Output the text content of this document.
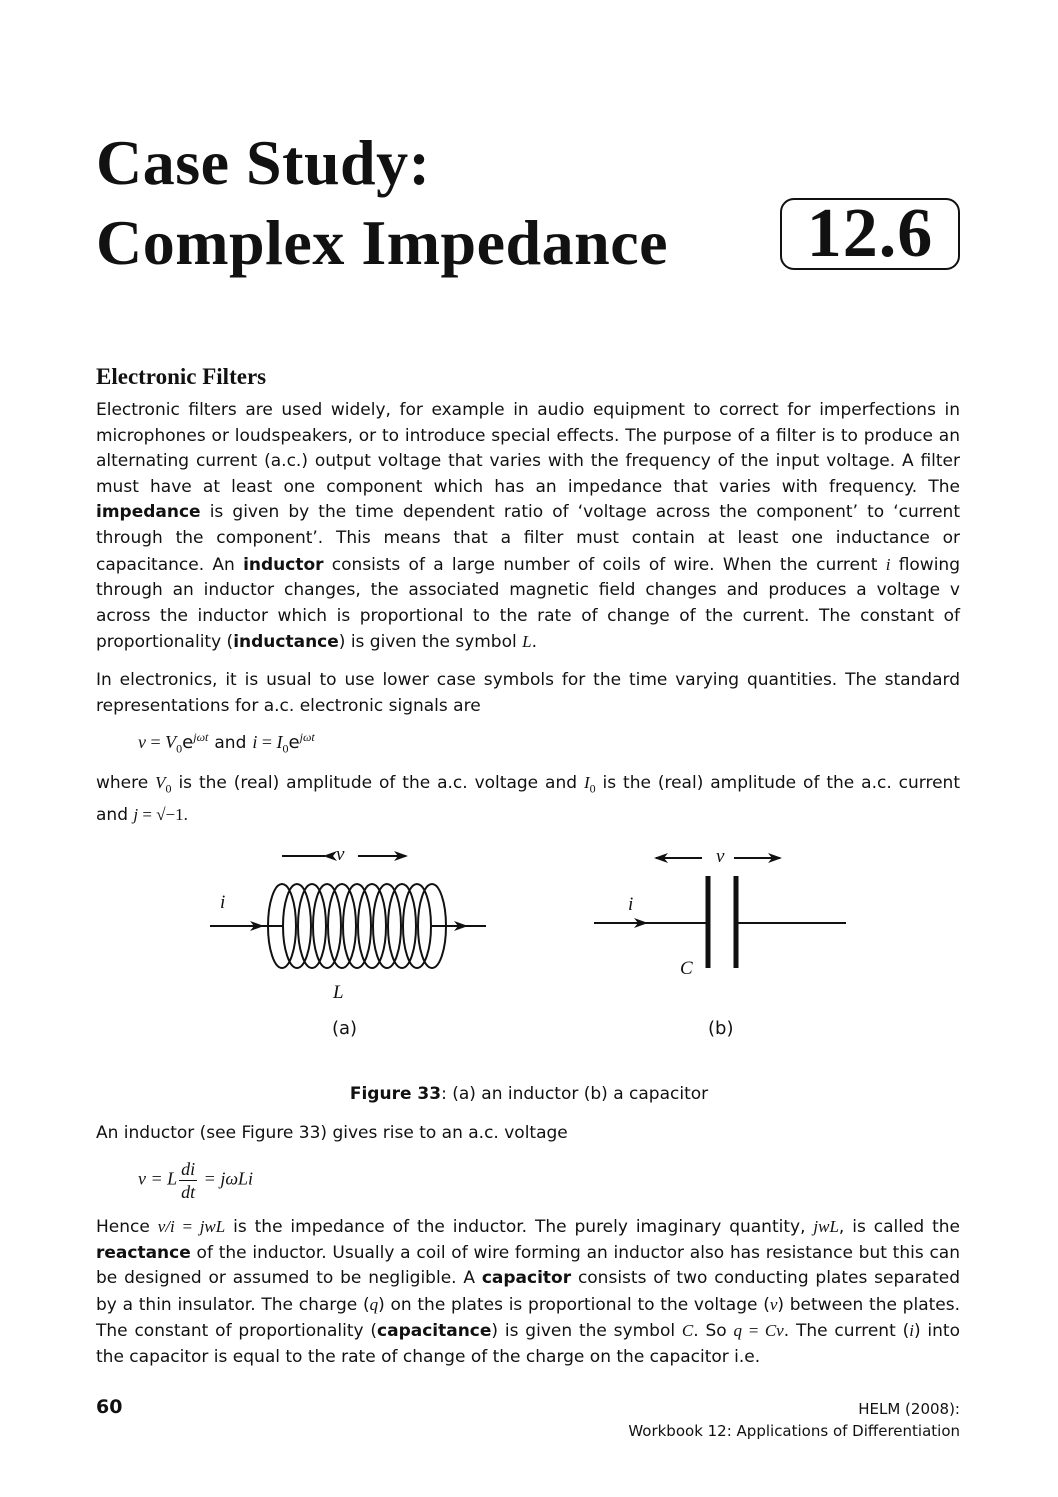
Case Study:
Complex Impedance	12.6
Electronic Filters

Electronic filters are used widely, for example in audio equipment to correct for imperfections in microphones or loudspeakers, or to introduce special effects. The purpose of a filter is to produce an alternating current (a.c.) output voltage that varies with the frequency of the input voltage. A filter must have at least one component which has an impedance that varies with frequency. The impedance is given by the time dependent ratio of ‘voltage across the component’ to ‘current through the component’. This means that a filter must contain at least one inductance or capacitance. An inductor consists of a large number of coils of wire. When the current i flowing through an inductor changes, the associated magnetic field changes and produces a voltage v across the inductor which is proportional to the rate of change of the current. The constant of proportionality (inductance) is given the symbol L.

In electronics, it is usual to use lower case symbols for the time varying quantities. The standard representations for a.c. electronic signals are

$v = V_0e^{j\omega t}$ and $i = I_0e^{j\omega t}$

where $V_0$ is the (real) amplitude of the a.c. voltage and $I_0$ is the (real) amplitude of the a.c. current and j = √−1.

v
i
L
(a)
v
i
C
(b)
Figure 33: (a) an inductor (b) a capacitor

An inductor (see Figure 33) gives rise to an a.c. voltage

v = L $\frac{di}{dt} = j\omega Li$

Hence v/i = jwL is the impedance of the inductor. The purely imaginary quantity, jwL, is called the reactance of the inductor. Usually a coil of wire forming an inductor also has resistance but this can be designed or assumed to be negligible. A capacitor consists of two conducting plates separated by a thin insulator. The charge (q) on the plates is proportional to the voltage (v) between the plates. The constant of proportionality (capacitance) is given the symbol C. So q = Cv. The current (i) into the capacitor is equal to the rate of change of the charge on the capacitor i.e.

60	HELM (2008):
Workbook 12: Applications of Differentiation
